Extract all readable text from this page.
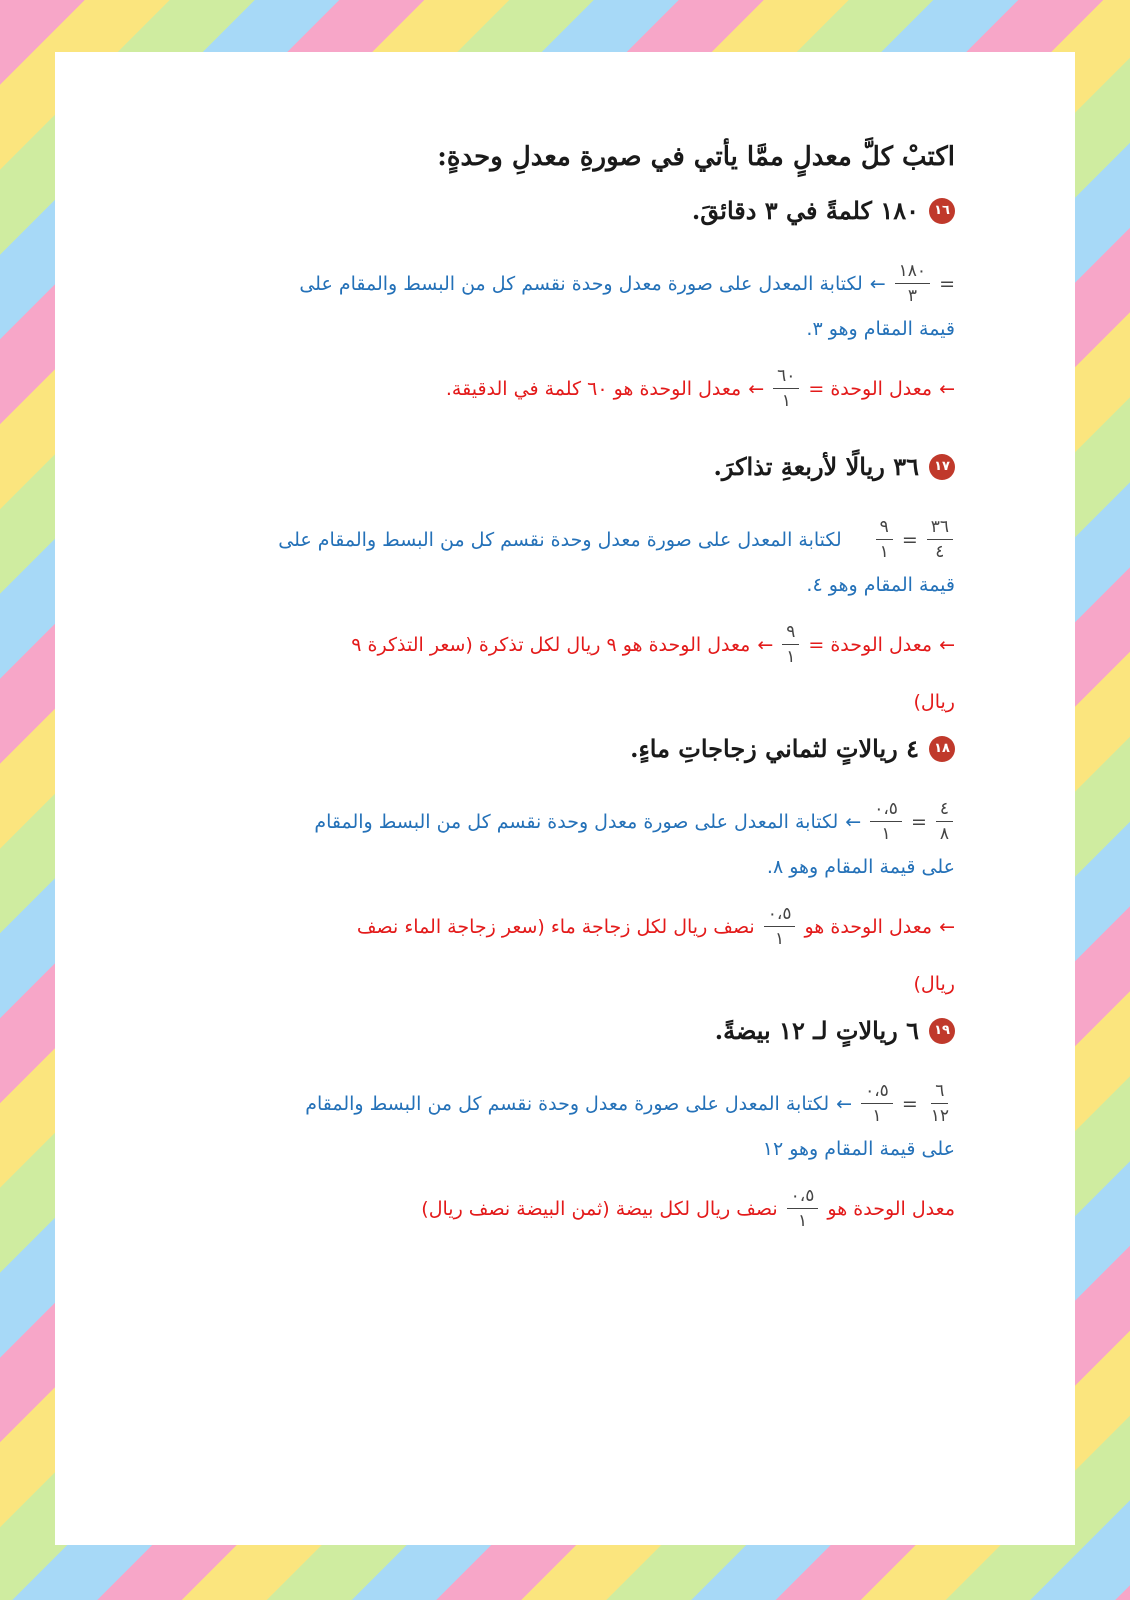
اكتبْ كلَّ معدلٍ ممَّا يأتي في صورةِ معدلِ وحدةٍ:

١٦
١٨٠ كلمةً في ٣ دقائقَ.
=
$\frac{١٨٠}{٣}$
←
لكتابة المعدل على صورة معدل وحدة نقسم كل من البسط والمقام على
قيمة المقام وهو ٣.
←
معدل الوحدة =
$\frac{٦٠}{١}$
←
معدل الوحدة هو ٦٠ كلمة في الدقيقة.
١٧
٣٦ ريالًا لأربعةِ تذاكرَ.
$\frac{٣٦}{٤}$
=
$\frac{٩}{١}$
لكتابة المعدل على صورة معدل وحدة نقسم كل من البسط والمقام على
قيمة المقام وهو ٤.
←
معدل الوحدة =
$\frac{٩}{١}$
←
معدل الوحدة هو ٩ ريال لكل تذكرة (سعر التذكرة ٩
ريال)
١٨
٤ ريالاتٍ لثماني زجاجاتِ ماءٍ.
$\frac{٤}{٨}$
=
$\frac{٠،٥}{١}$
←
لكتابة المعدل على صورة معدل وحدة نقسم كل من البسط والمقام
على قيمة المقام وهو ٨.
←
معدل الوحدة هو
$\frac{٠،٥}{١}$
نصف ريال لكل زجاجة ماء (سعر زجاجة الماء نصف
ريال)
١٩
٦ ريالاتٍ لـ ١٢ بيضةً.
$\frac{٦}{١٢}$
=
$\frac{٠،٥}{١}$
←
لكتابة المعدل على صورة معدل وحدة نقسم كل من البسط والمقام
على قيمة المقام وهو ١٢
معدل الوحدة هو
$\frac{٠،٥}{١}$
نصف ريال لكل بيضة (ثمن البيضة نصف ريال)
